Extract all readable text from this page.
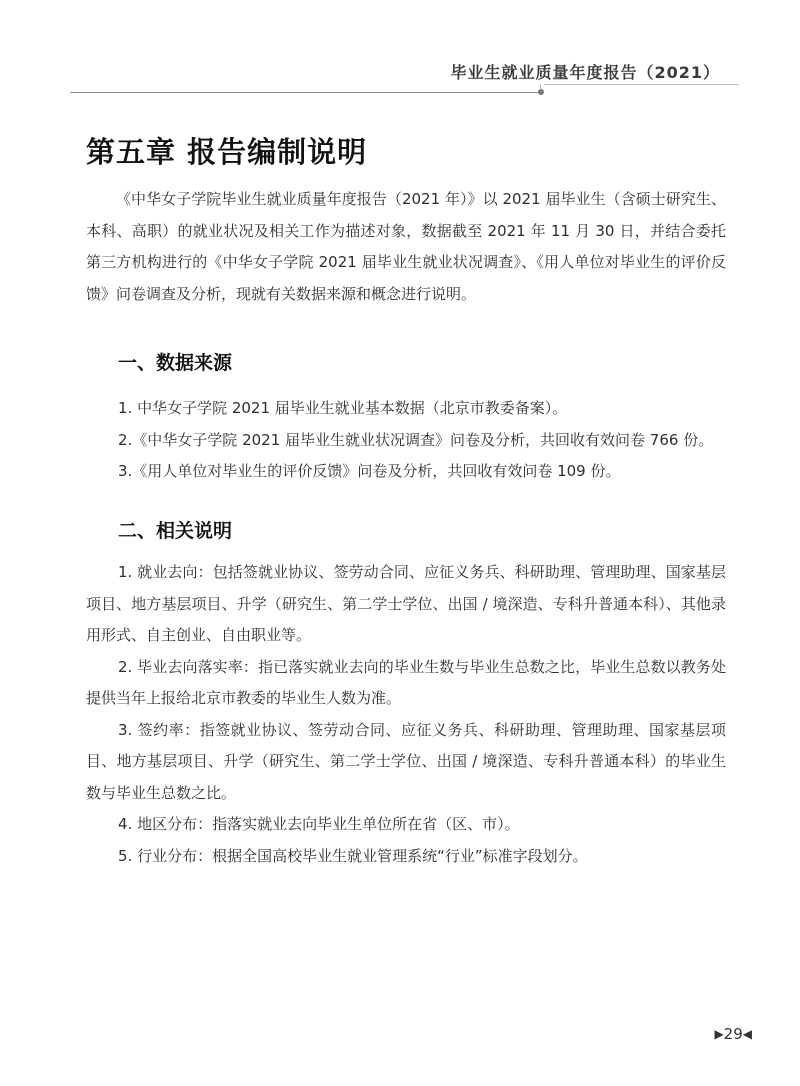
毕业生就业质量年度报告（2021）
第五章 报告编制说明

《中华女子学院毕业生就业质量年度报告（2021 年）》以 2021 届毕业生（含硕士研究生、本科、高职）的就业状况及相关工作为描述对象，数据截至 2021 年 11 月 30 日，并结合委托第三方机构进行的《中华女子学院 2021 届毕业生就业状况调查》、《用人单位对毕业生的评价反馈》问卷调查及分析，现就有关数据来源和概念进行说明。

一、数据来源
1. 中华女子学院 2021 届毕业生就业基本数据（北京市教委备案）。
2.《中华女子学院 2021 届毕业生就业状况调查》问卷及分析，共回收有效问卷 766 份。
3.《用人单位对毕业生的评价反馈》问卷及分析，共回收有效问卷 109 份。
二、相关说明
1. 就业去向：包括签就业协议、签劳动合同、应征义务兵、科研助理、管理助理、国家基层项目、地方基层项目、升学（研究生、第二学士学位、出国 / 境深造、专科升普通本科）、其他录用形式、自主创业、自由职业等。
2. 毕业去向落实率：指已落实就业去向的毕业生数与毕业生总数之比，毕业生总数以教务处提供当年上报给北京市教委的毕业生人数为准。
3. 签约率：指签就业协议、签劳动合同、应征义务兵、科研助理、管理助理、国家基层项目、地方基层项目、升学（研究生、第二学士学位、出国 / 境深造、专科升普通本科）的毕业生数与毕业生总数之比。
4. 地区分布：指落实就业去向毕业生单位所在省（区、市）。
5. 行业分布：根据全国高校毕业生就业管理系统“行业”标准字段划分。
▶29◀
